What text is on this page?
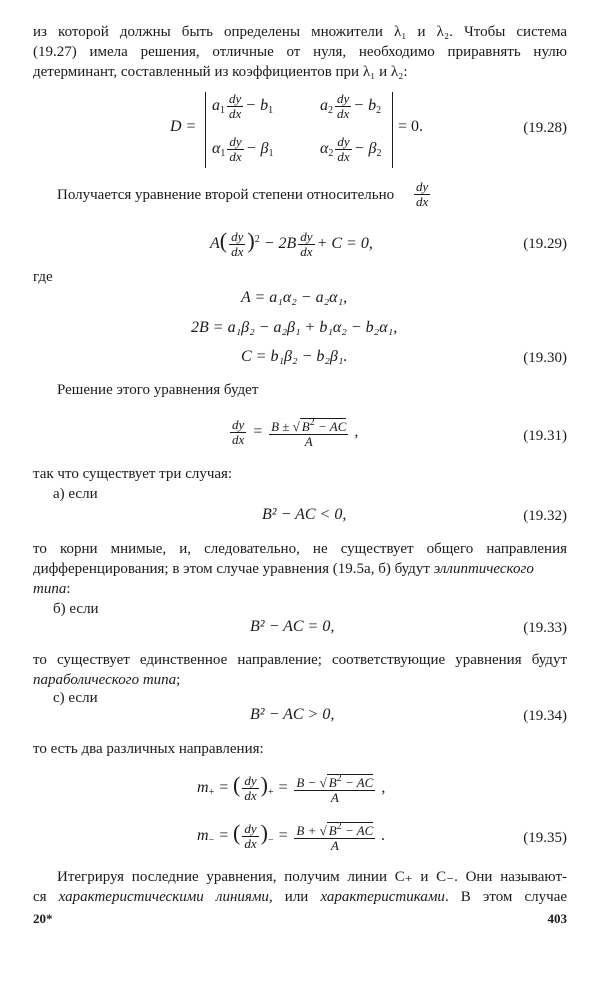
из которой должны быть определены множители λ₁ и λ₂. Чтобы система
(19.27) имела решения, отличные от нуля, необходимо приравнять нулю
детерминант, составленный из коэффициентов при λ₁ и λ₂:
D =
$a_1 \frac{dy}{dx} - b_1$	$a_2 \frac{dy}{dx} - b_2$
$\alpha_1 \frac{dy}{dx} - \beta_1$	$\alpha_2 \frac{dy}{dx} - \beta_2$
= 0.	(19.28)
Получается уравнение второй степени относительно $\frac{dy}{dx}$
$A( \frac{dy}{dx} )^2 - 2B \frac{dy}{dx} + C = 0$,	(19.29)
где
A = a₁α₂ − a₂α₁,
2B = a₁β₂ − a₂β₁ + b₁α₂ − b₂α₁,
C = b₁β₂ − b₂β₁.	(19.30)
Решение этого уравнения будет
$\frac{dy}{dx} = \frac{B \pm √ B^2 - AC}{A}$ ,	(19.31)
так что существует три случая:
а) если
B² − AC < 0,	(19.32)
то корни мнимые, и, следовательно, не существует общего направления
дифференцирования; в этом случае уравнения (19.5а, б) будут эллиптического
типа:
б) если
B² − AC = 0,	(19.33)
то существует единственное направление; соответствующие уравнения будут
параболического типа;
с) если
B² − AC > 0,	(19.34)
то есть два различных направления:
$m_+$ = ( $\frac{dy}{dx} )_+ = \frac{B - √ B^2 - AC}{A}$ ,
$m_-$ = ( $\frac{dy}{dx} )_- = \frac{B + √ B^2 - AC}{A}$ .	(19.35)
Итегрируя последние уравнения, получим линии C₊ и C₋. Они называют-
ся характеристическими линиями, или характеристиками. В этом случае
20*	403
